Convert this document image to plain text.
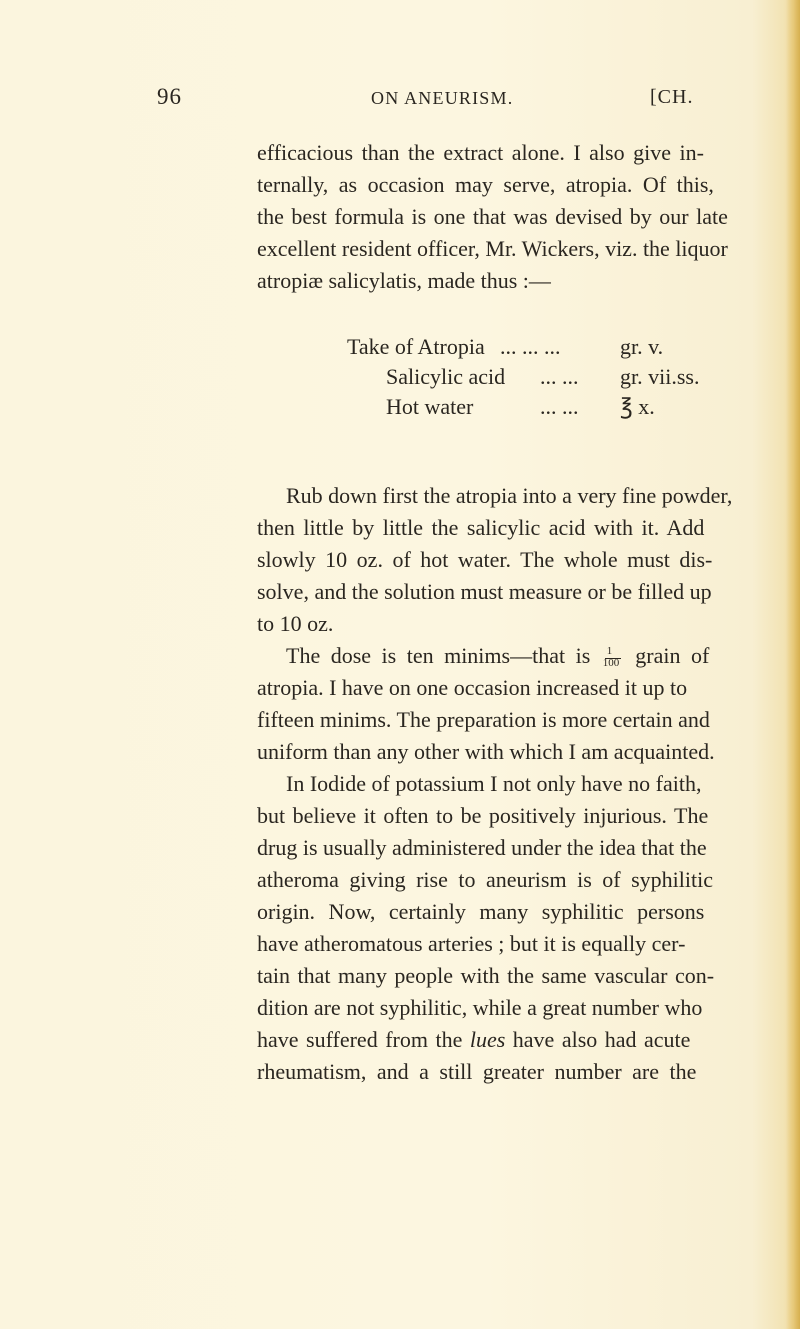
96	ON ANEURISM.	[CH.
efficacious than the extract alone. I also give in-
ternally, as occasion may serve, atropia. Of this,
the best formula is one that was devised by our late
excellent resident officer, Mr. Wickers, viz. the liquor
atropiæ salicylatis, made thus :—
Take of Atropia ... ... ...	gr. v.
Salicylic acid ... ... gr. vii.ss.
Hot water	... ... ℥ x.
Rub down first the atropia into a very fine powder,
then little by little the salicylic acid with it. Add
slowly 10 oz. of hot water. The whole must dis-
solve, and the solution must measure or be filled up
to 10 oz.
The dose is ten minims—that is $\frac{1}{100}$ grain of
atropia. I have on one occasion increased it up to
fifteen minims. The preparation is more certain and
uniform than any other with which I am acquainted.
In Iodide of potassium I not only have no faith,
but believe it often to be positively injurious. The
drug is usually administered under the idea that the
atheroma giving rise to aneurism is of syphilitic
origin. Now, certainly many syphilitic persons
have atheromatous arteries ; but it is equally cer-
tain that many people with the same vascular con-
dition are not syphilitic, while a great number who
have suffered from the lues have also had acute
rheumatism, and a still greater number are the
